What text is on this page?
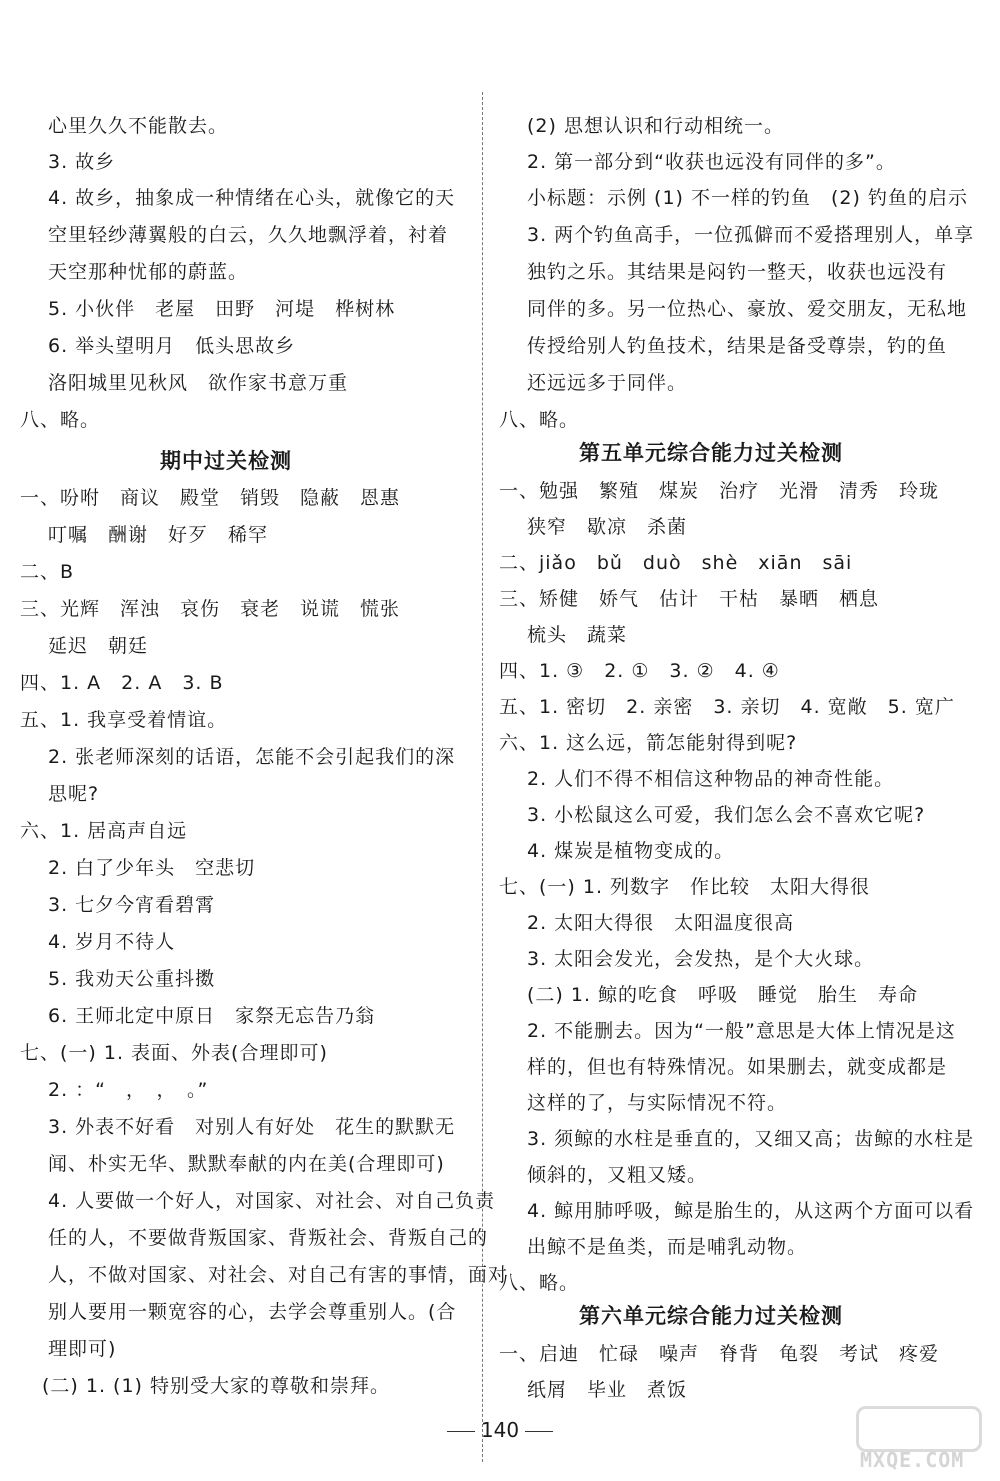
心里久久不能散去。
3. 故乡
4. 故乡，抽象成一种情绪在心头，就像它的天
空里轻纱薄翼般的白云，久久地飘浮着，衬着
天空那种忧郁的蔚蓝。
5. 小伙伴　老屋　田野　河堤　桦树林
6. 举头望明月　低头思故乡
洛阳城里见秋风　欲作家书意万重
八、略。
期中过关检测
一、吩咐　商议　殿堂　销毁　隐蔽　恩惠
叮嘱　酬谢　好歹　稀罕
二、B
三、光辉　浑浊　哀伤　衰老　说谎　慌张
延迟　朝廷
四、1. A　2. A　3. B
五、1. 我享受着情谊。
2. 张老师深刻的话语，怎能不会引起我们的深
思呢?
六、1. 居高声自远
2. 白了少年头　空悲切
3. 七夕今宵看碧霄
4. 岁月不待人
5. 我劝天公重抖擞
6. 王师北定中原日　家祭无忘告乃翁
七、(一) 1. 表面、外表(合理即可)
2. ：“　，　，　。”
3. 外表不好看　对别人有好处　花生的默默无
闻、朴实无华、默默奉献的内在美(合理即可)
4. 人要做一个好人，对国家、对社会、对自己负责
任的人，不要做背叛国家、背叛社会、背叛自己的
人，不做对国家、对社会、对自己有害的事情，面对
别人要用一颗宽容的心，去学会尊重别人。(合
理即可)
(二) 1. (1) 特别受大家的尊敬和崇拜。
(2) 思想认识和行动相统一。
2. 第一部分到“收获也远没有同伴的多”。
小标题：示例 (1) 不一样的钓鱼　(2) 钓鱼的启示
3. 两个钓鱼高手，一位孤僻而不爱搭理别人，单享
独钓之乐。其结果是闷钓一整天，收获也远没有
同伴的多。另一位热心、豪放、爱交朋友，无私地
传授给别人钓鱼技术，结果是备受尊崇，钓的鱼
还远远多于同伴。
八、略。
第五单元综合能力过关检测
一、勉强　繁殖　煤炭　治疗　光滑　清秀　玲珑
狭窄　歇凉　杀菌
二、jiǎo　bǔ　duò　shè　xiān　sāi
三、矫健　娇气　估计　干枯　暴晒　栖息
梳头　蔬菜
四、1. ③　2. ①　3. ②　4. ④
五、1. 密切　2. 亲密　3. 亲切　4. 宽敞　5. 宽广
六、1. 这么远，箭怎能射得到呢?
2. 人们不得不相信这种物品的神奇性能。
3. 小松鼠这么可爱，我们怎么会不喜欢它呢?
4. 煤炭是植物变成的。
七、(一) 1. 列数字　作比较　太阳大得很
2. 太阳大得很　太阳温度很高
3. 太阳会发光，会发热，是个大火球。
(二) 1. 鲸的吃食　呼吸　睡觉　胎生　寿命
2. 不能删去。因为“一般”意思是大体上情况是这
样的，但也有特殊情况。如果删去，就变成都是
这样的了，与实际情况不符。
3. 须鲸的水柱是垂直的，又细又高；齿鲸的水柱是
倾斜的，又粗又矮。
4. 鲸用肺呼吸，鲸是胎生的，从这两个方面可以看
出鲸不是鱼类，而是哺乳动物。
八、略。
第六单元综合能力过关检测
一、启迪　忙碌　噪声　脊背　龟裂　考试　疼爱
纸屑　毕业　煮饭
140
MXQE.COM
